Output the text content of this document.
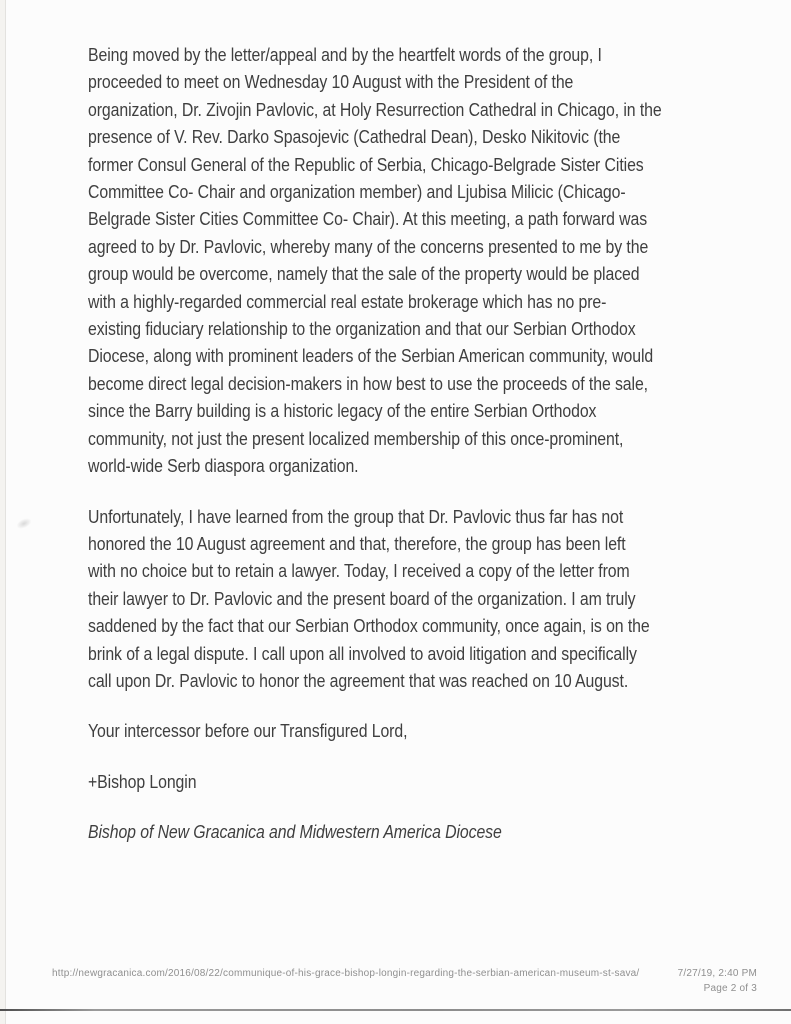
Being moved by the letter/appeal and by the heartfelt words of the group, I
proceeded to meet on Wednesday 10 August with the President of the
organization, Dr. Zivojin Pavlovic, at Holy Resurrection Cathedral in Chicago, in the
presence of V. Rev. Darko Spasojevic (Cathedral Dean), Desko Nikitovic (the
former Consul General of the Republic of Serbia, Chicago-Belgrade Sister Cities
Committee Co- Chair and organization member) and Ljubisa Milicic (Chicago-
Belgrade Sister Cities Committee Co- Chair). At this meeting, a path forward was
agreed to by Dr. Pavlovic, whereby many of the concerns presented to me by the
group would be overcome, namely that the sale of the property would be placed
with a highly-regarded commercial real estate brokerage which has no pre-
existing fiduciary relationship to the organization and that our Serbian Orthodox
Diocese, along with prominent leaders of the Serbian American community, would
become direct legal decision-makers in how best to use the proceeds of the sale,
since the Barry building is a historic legacy of the entire Serbian Orthodox
community, not just the present localized membership of this once-prominent,
world-wide Serb diaspora organization.

Unfortunately, I have learned from the group that Dr. Pavlovic thus far has not
honored the 10 August agreement and that, therefore, the group has been left
with no choice but to retain a lawyer. Today, I received a copy of the letter from
their lawyer to Dr. Pavlovic and the present board of the organization. I am truly
saddened by the fact that our Serbian Orthodox community, once again, is on the
brink of a legal dispute. I call upon all involved to avoid litigation and specifically
call upon Dr. Pavlovic to honor the agreement that was reached on 10 August.

Your intercessor before our Transfigured Lord,

+Bishop Longin

Bishop of New Gracanica and Midwestern America Diocese

http://newgracanica.com/2016/08/22/communique-of-his-grace-bishop-longin-regarding-the-serbian-american-museum-st-sava/	7/27/19, 2:40 PM
Page 2 of 3
